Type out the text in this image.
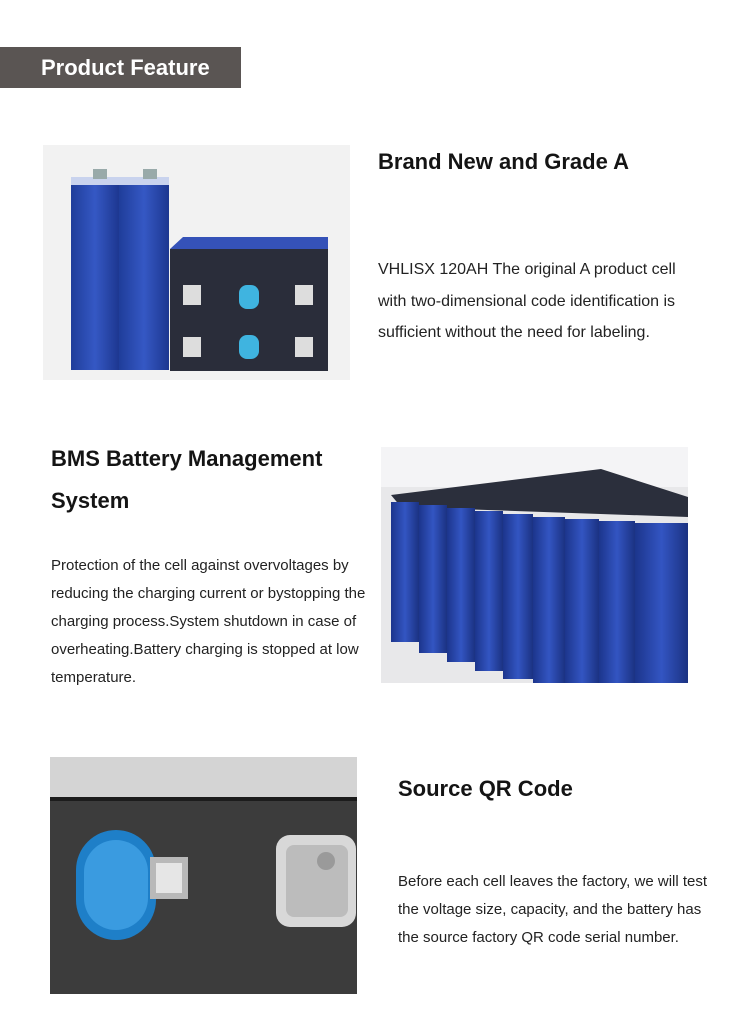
Product Feature
Brand New and Grade A
VHLISX 120AH The original A product cell with two-dimensional code identification is sufficient without the need for labeling.
BMS Battery Management System
Protection of the cell against overvoltages by reducing the charging current or bystopping the charging process.System shutdown in case of overheating.Battery charging is stopped at low temperature.
Source QR Code
Before each cell leaves the factory, we will test the voltage size, capacity, and the battery has the source factory QR code serial number.
